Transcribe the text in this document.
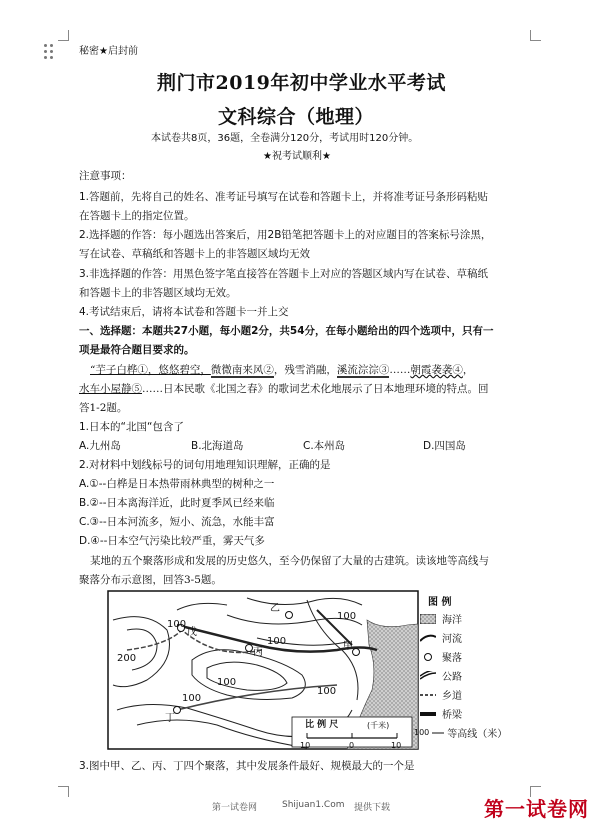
秘密★启封前
荆门市2019年初中学业水平考试
文科综合（地理）
本试卷共8页，36题，全卷满分120分，考试用时120分钟。
★祝考试顺利★
注意事项：
1.答题前，先将自己的姓名、准考证号填写在试卷和答题卡上，并将准考证号条形码粘贴
在答题卡上的指定位置。
2.选择题的作答：每小题选出答案后，用2B铅笔把答题卡上的对应题目的答案标号涂黑，
写在试卷、草稿纸和答题卡上的非答题区域均无效
3.非选择题的作答：用黑色签字笔直接答在答题卡上对应的答题区域内写在试卷、草稿纸
和答题卡上的非答题区域均无效。
4.考试结束后，请将本试卷和答题卡一并上交
一、选择题：本题共27小题，每小题2分，共54分，在每小题给出的四个选项中，只有一
项是最符合题目要求的。
“芋子白桦①，悠悠碧空，微微南来风②，残雪消融，溪流淙淙③……朝霞袭袭④，
水车小屋静⑤……日本民歌《北国之春》的歌词艺术化地展示了日本地理环境的特点。回
答1-2题。
1.日本的“北国“包含了
A.九州岛	B.北海道岛	C.本州岛	D.四国岛
2.对材料中划线标号的词句用地理知识理解，正确的是
A.①--白桦是日本热带雨林典型的树种之一
B.②--日本离海洋近，此时夏季风已经来临
C.③--日本河流多，短小、流急，水能丰富
D.④--日本空气污染比较严重，雾天气多
某地的五个聚落形成和发展的历史悠久，至今仍保留了大量的古建筑。读该地等高线与
聚落分布示意图，回答3-5题。
200
100
100
100
100
100
100
甲
乙
丙
丁
戊
比 例 尺	(千米)
10	0	10
图 例
海洋
河流
聚落
公路
乡道
桥梁
100 等高线（米）
3.图中甲、乙、丙、丁四个聚落，其中发展条件最好、规模最大的一个是
第一试卷网	Shijuan1.Com 提供下载	第一试卷网
